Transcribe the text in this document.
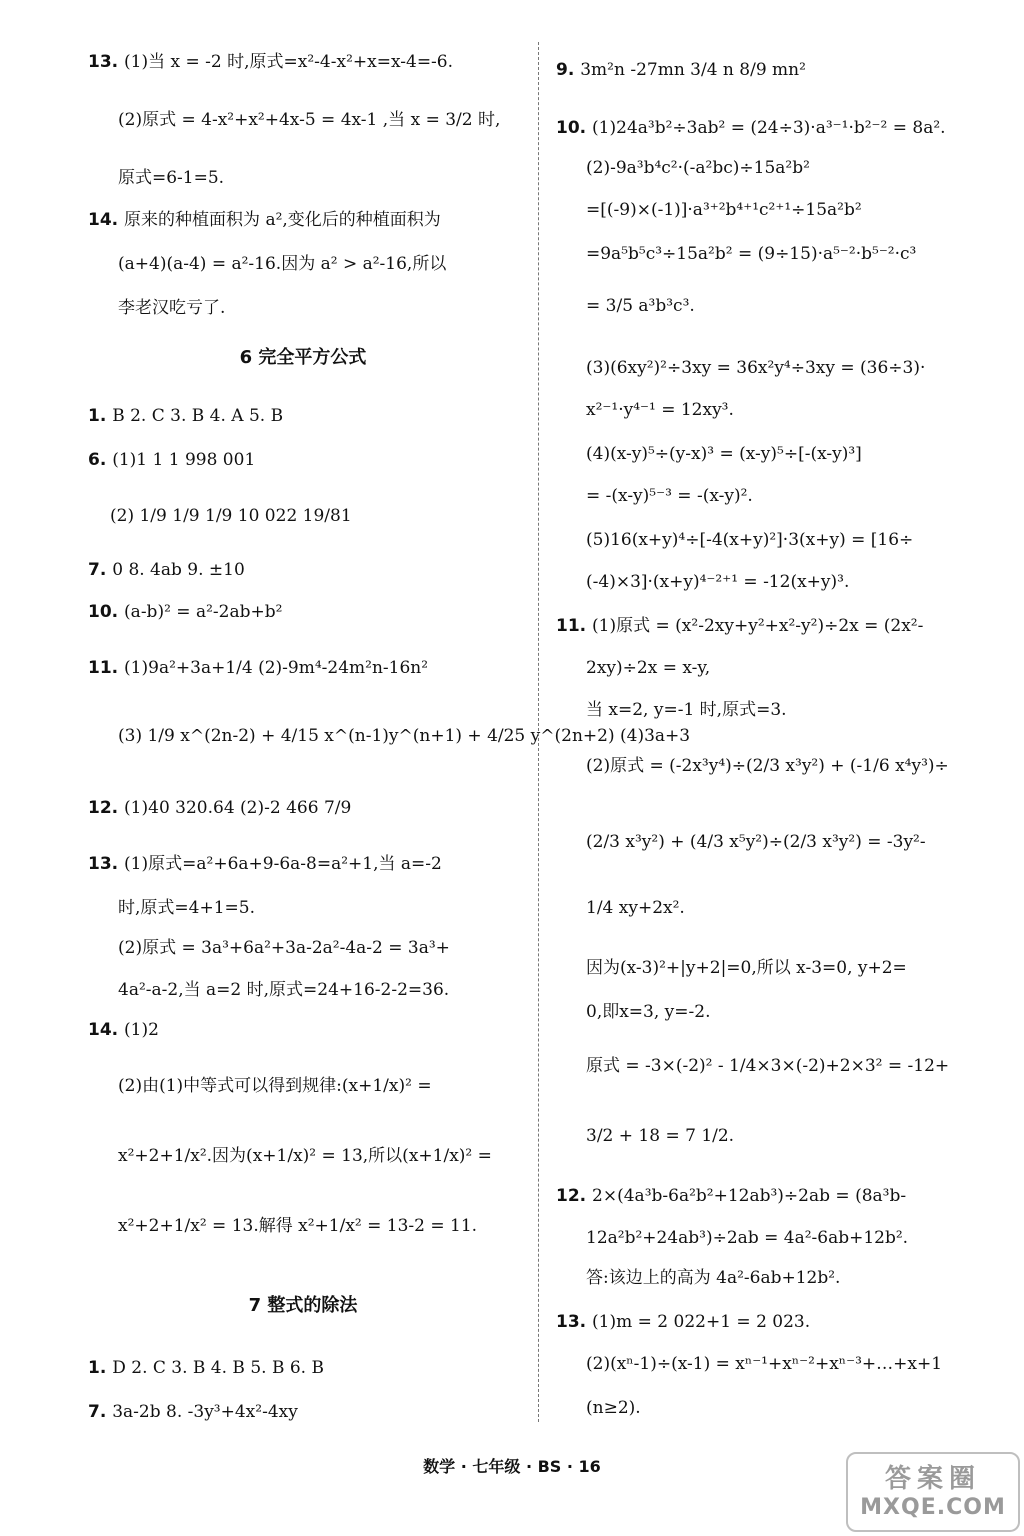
13. (1)当 x = -2 时,原式=x²-4-x²+x=x-4=-6.
(2)原式 = 4-x²+x²+4x-5 = 4x-1 ,当 x = 3/2 时,
原式=6-1=5.
14. 原来的种植面积为 a²,变化后的种植面积为
(a+4)(a-4) = a²-16.因为 a² > a²-16,所以
李老汉吃亏了.
6 完全平方公式
1. B 2. C 3. B 4. A 5. B
6. (1)1 1 1 998 001
(2) 1/9 1/9 1/9 10 022 19/81
7. 0 8. 4ab 9. ±10
10. (a-b)² = a²-2ab+b²
11. (1)9a²+3a+1/4 (2)-9m⁴-24m²n-16n²
(3) 1/9 x^(2n-2) + 4/15 x^(n-1)y^(n+1) + 4/25 y^(2n+2) (4)3a+3
12. (1)40 320.64 (2)-2 466 7/9
13. (1)原式=a²+6a+9-6a-8=a²+1,当 a=-2
时,原式=4+1=5.
(2)原式 = 3a³+6a²+3a-2a²-4a-2 = 3a³+
4a²-a-2,当 a=2 时,原式=24+16-2-2=36.
14. (1)2
(2)由(1)中等式可以得到规律:(x+1/x)² =
x²+2+1/x².因为(x+1/x)² = 13,所以(x+1/x)² =
x²+2+1/x² = 13.解得 x²+1/x² = 13-2 = 11.
7 整式的除法
1. D 2. C 3. B 4. B 5. B 6. B
7. 3a-2b 8. -3y³+4x²-4xy
9. 3m²n -27mn 3/4 n 8/9 mn²
10. (1)24a³b²÷3ab² = (24÷3)·a³⁻¹·b²⁻² = 8a².
(2)-9a³b⁴c²·(-a²bc)÷15a²b²
=[(-9)×(-1)]·a³⁺²b⁴⁺¹c²⁺¹÷15a²b²
=9a⁵b⁵c³÷15a²b² = (9÷15)·a⁵⁻²·b⁵⁻²·c³
= 3/5 a³b³c³.
(3)(6xy²)²÷3xy = 36x²y⁴÷3xy = (36÷3)·
x²⁻¹·y⁴⁻¹ = 12xy³.
(4)(x-y)⁵÷(y-x)³ = (x-y)⁵÷[-(x-y)³]
= -(x-y)⁵⁻³ = -(x-y)².
(5)16(x+y)⁴÷[-4(x+y)²]·3(x+y) = [16÷
(-4)×3]·(x+y)⁴⁻²⁺¹ = -12(x+y)³.
11. (1)原式 = (x²-2xy+y²+x²-y²)÷2x = (2x²-
2xy)÷2x = x-y,
当 x=2, y=-1 时,原式=3.
(2)原式 = (-2x³y⁴)÷(2/3 x³y²) + (-1/6 x⁴y³)÷
(2/3 x³y²) + (4/3 x⁵y²)÷(2/3 x³y²) = -3y²-
1/4 xy+2x².
因为(x-3)²+|y+2|=0,所以 x-3=0, y+2=
0,即x=3, y=-2.
原式 = -3×(-2)² - 1/4×3×(-2)+2×3² = -12+
3/2 + 18 = 7 1/2.
12. 2×(4a³b-6a²b²+12ab³)÷2ab = (8a³b-
12a²b²+24ab³)÷2ab = 4a²-6ab+12b².
答:该边上的高为 4a²-6ab+12b².
13. (1)m = 2 022+1 = 2 023.
(2)(xⁿ-1)÷(x-1) = xⁿ⁻¹+xⁿ⁻²+xⁿ⁻³+…+x+1
(n≥2).
数学 · 七年级 · BS · 16	答案圈
MXQE.COM
